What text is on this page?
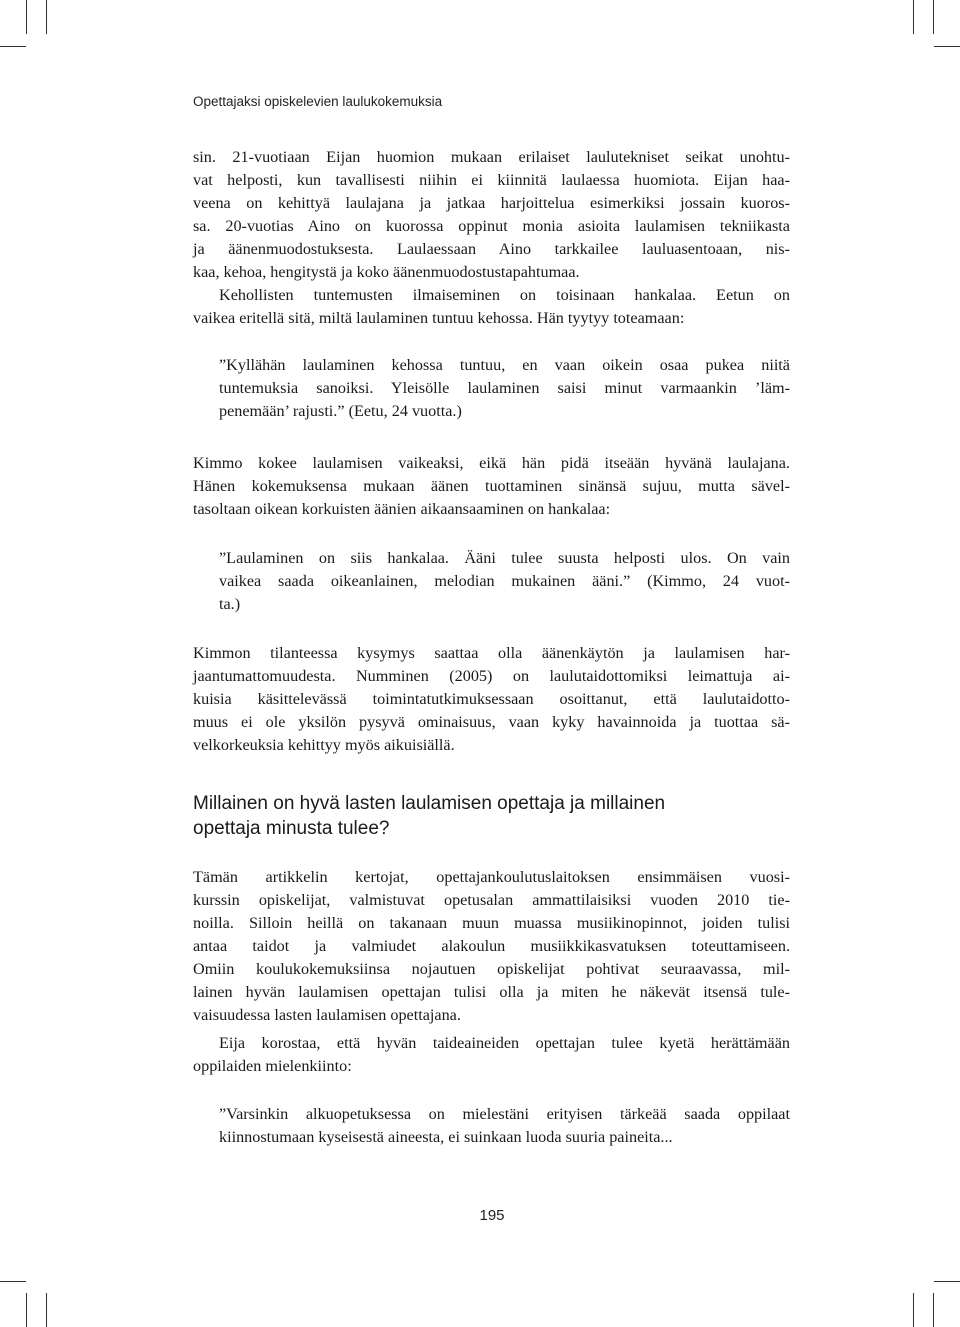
Opettajaksi opiskelevien laulukokemuksia
sin. 21-vuotiaan Eijan huomion mukaan erilaiset laulutekniset seikat unohtu-
vat helposti, kun tavallisesti niihin ei kiinnitä laulaessa huomiota. Eijan haa-
veena on kehittyä laulajana ja jatkaa harjoittelua esimerkiksi jossain kuoros-
sa. 20-vuotias Aino on kuorossa oppinut monia asioita laulamisen tekniikasta
ja äänenmuodostuksesta. Laulaessaan Aino tarkkailee lauluasentoaan, nis-
kaa, kehoa, hengitystä ja koko äänenmuodostustapahtumaa.
Kehollisten tuntemusten ilmaiseminen on toisinaan hankalaa. Eetun on
vaikea eritellä sitä, miltä laulaminen tuntuu kehossa. Hän tyytyy toteamaan:
”Kyllähän laulaminen kehossa tuntuu, en vaan oikein osaa pukea niitä
tuntemuksia sanoiksi. Yleisölle laulaminen saisi minut varmaankin ’läm-
penemään’ rajusti.” (Eetu, 24 vuotta.)
Kimmo kokee laulamisen vaikeaksi, eikä hän pidä itseään hyvänä laulajana.
Hänen kokemuksensa mukaan äänen tuottaminen sinänsä sujuu, mutta sävel-
tasoltaan oikean korkuisten äänien aikaansaaminen on hankalaa:
”Laulaminen on siis hankalaa. Ääni tulee suusta helposti ulos. On vain
vaikea saada oikeanlainen, melodian mukainen ääni.” (Kimmo, 24 vuot-
ta.)
Kimmon tilanteessa kysymys saattaa olla äänenkäytön ja laulamisen har-
jaantumattomuudesta. Numminen (2005) on laulutaidottomiksi leimattuja ai-
kuisia käsittelevässä toimintatutkimuksessaan osoittanut, että laulutaidotto-
muus ei ole yksilön pysyvä ominaisuus, vaan kyky havainnoida ja tuottaa sä-
velkorkeuksia kehittyy myös aikuisiällä.
Millainen on hyvä lasten laulamisen opettaja ja millainen
opettaja minusta tulee?
Tämän artikkelin kertojat, opettajankoulutuslaitoksen ensimmäisen vuosi-
kurssin opiskelijat, valmistuvat opetusalan ammattilaisiksi vuoden 2010 tie-
noilla. Silloin heillä on takanaan muun muassa musiikinopinnot, joiden tulisi
antaa taidot ja valmiudet alakoulun musiikkikasvatuksen toteuttamiseen.
Omiin koulukokemuksiinsa nojautuen opiskelijat pohtivat seuraavassa, mil-
lainen hyvän laulamisen opettajan tulisi olla ja miten he näkevät itsensä tule-
vaisuudessa lasten laulamisen opettajana.
Eija korostaa, että hyvän taideaineiden opettajan tulee kyetä herättämään
oppilaiden mielenkiinto:
”Varsinkin alkuopetuksessa on mielestäni erityisen tärkeää saada oppilaat
kiinnostumaan kyseisestä aineesta, ei suinkaan luoda suuria paineita...
195
